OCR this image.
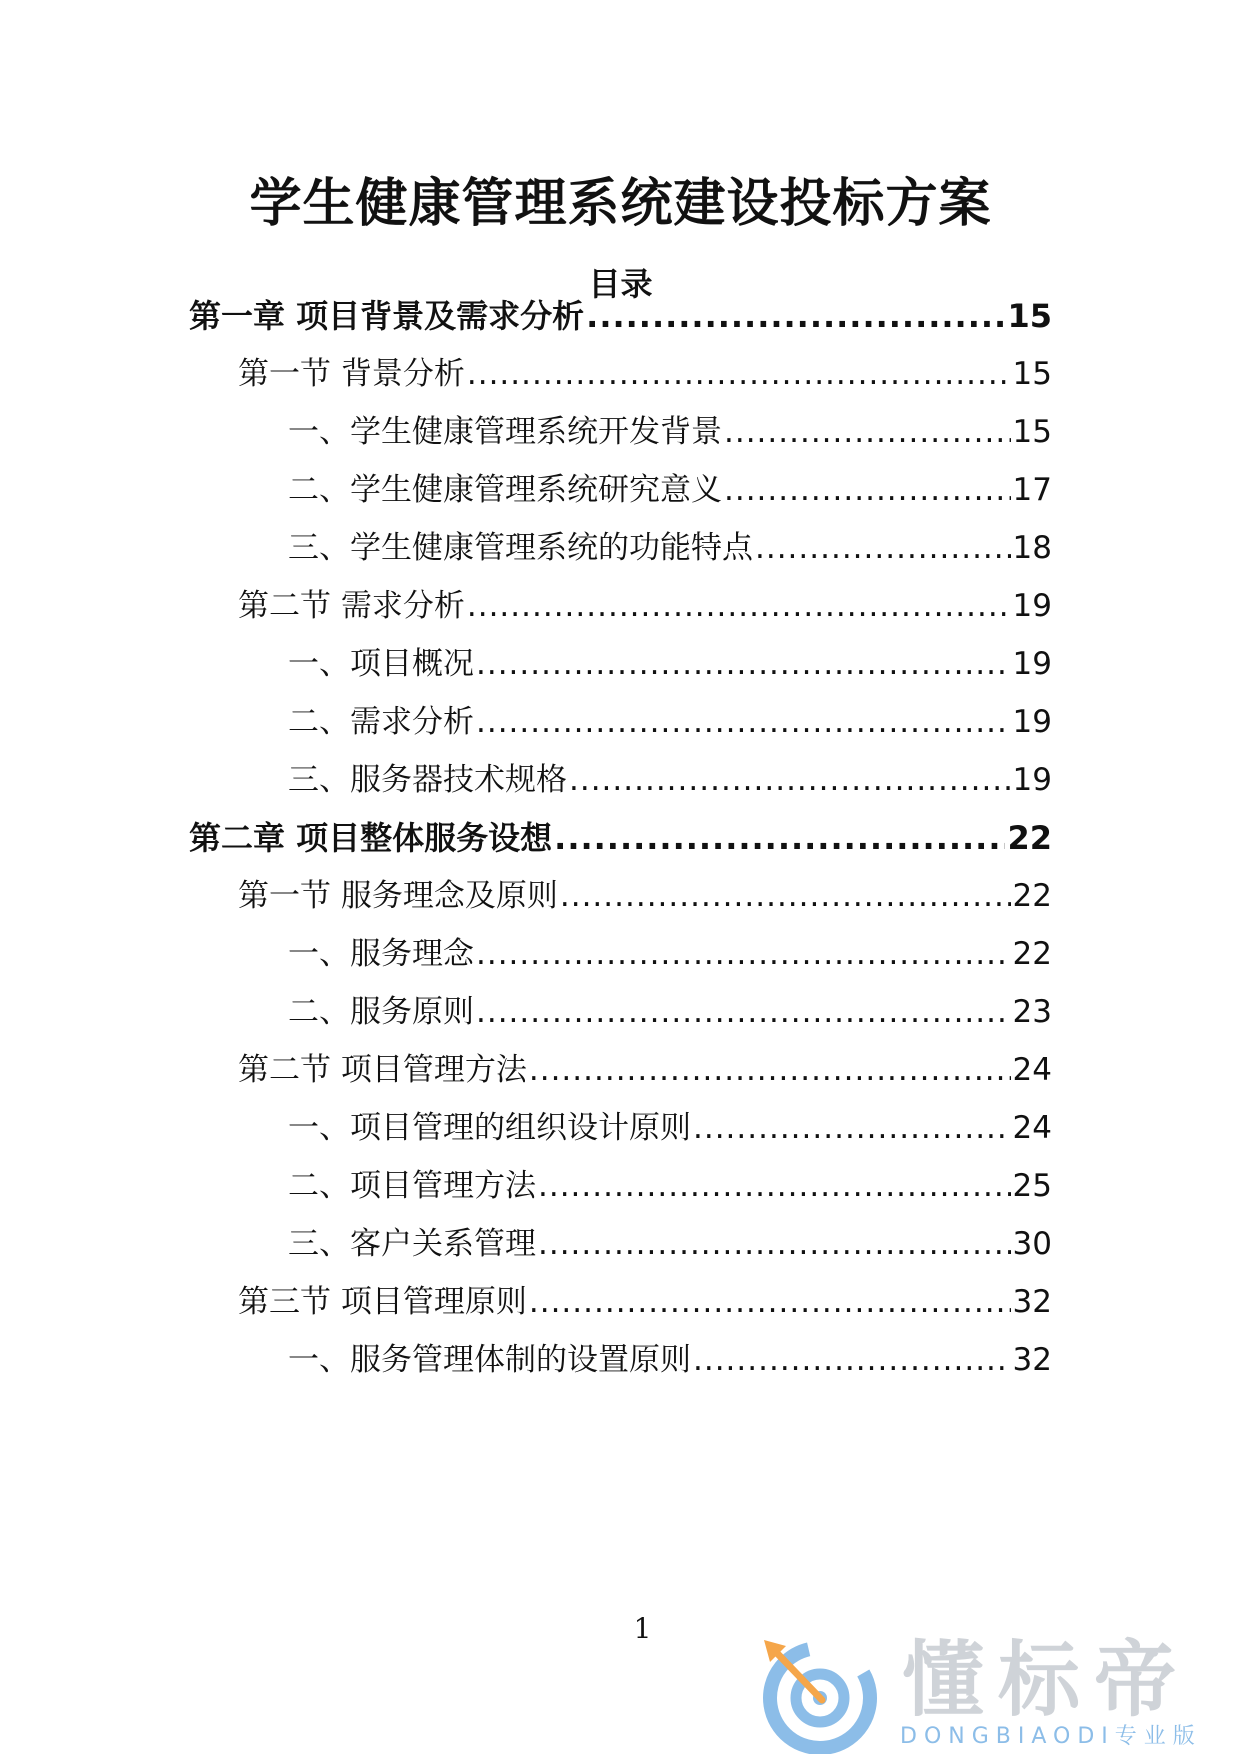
学生健康管理系统建设投标方案
目录
第一章 项目背景及需求分析 .....	15
第一节 背景分析 .....	15
一、学生健康管理系统开发背景 .....	15
二、学生健康管理系统研究意义 .....	17
三、学生健康管理系统的功能特点 .....	18
第二节 需求分析 .....	19
一、项目概况 .....	19
二、需求分析 .....	19
三、服务器技术规格 .....	19
第二章 项目整体服务设想 .....	22
第一节 服务理念及原则 .....	22
一、服务理念 .....	22
二、服务原则 .....	23
第二节 项目管理方法 .....	24
一、项目管理的组织设计原则 .....	24
二、项目管理方法 .....	25
三、客户关系管理 .....	30
第三节 项目管理原则 .....	32
一、服务管理体制的设置原则 .....	32
1
懂标帝
DONGBIAODI专业版
